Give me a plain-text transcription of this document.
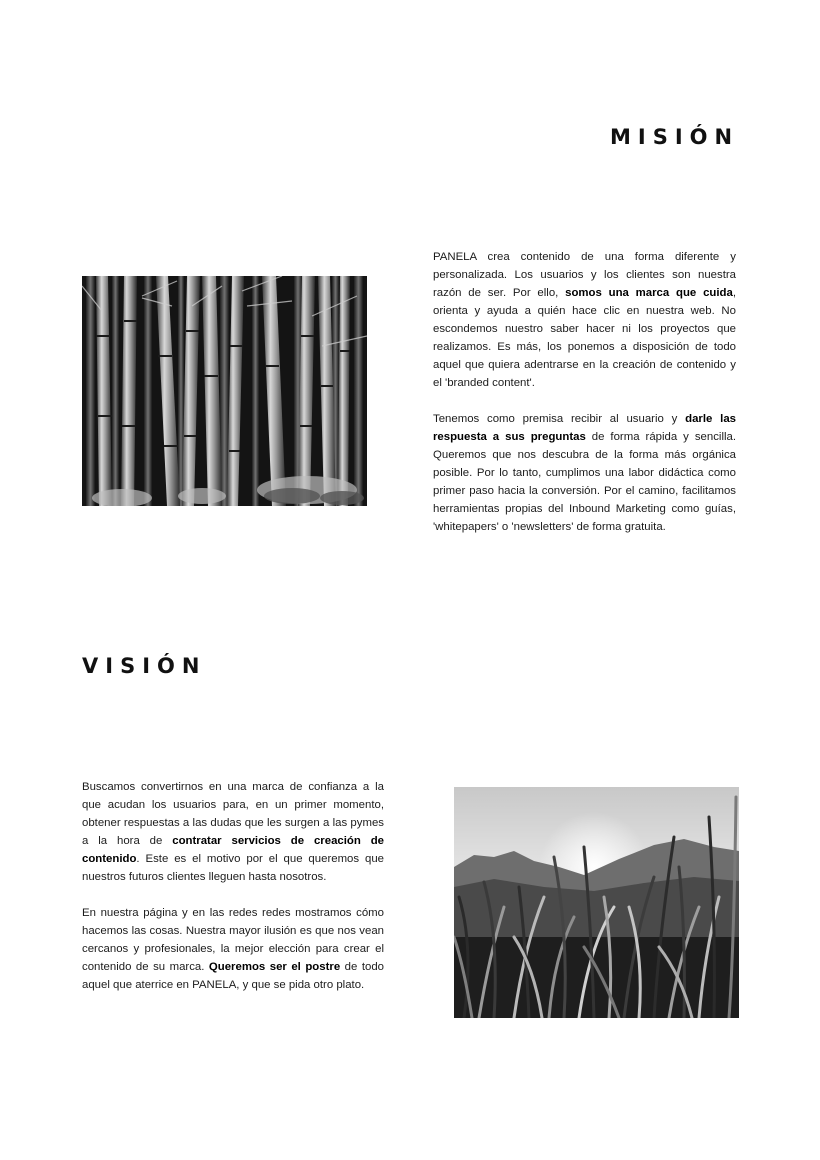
MISIÓN

PANELA crea contenido de una forma diferente y personalizada. Los usuarios y los clientes son nuestra razón de ser. Por ello, somos una marca que cuida, orienta y ayuda a quién hace clic en nuestra web. No escondemos nuestro saber hacer ni los proyectos que realizamos. Es más, los ponemos a disposición de todo aquel que quiera adentrarse en la creación de contenido y el 'branded content'.

Tenemos como premisa recibir al usuario y darle las respuesta a sus preguntas de forma rápida y sencilla. Queremos que nos descubra de la forma más orgánica posible. Por lo tanto, cumplimos una labor didáctica como primer paso hacia la conversión. Por el camino, facilitamos herramientas propias del Inbound Marketing como guías, 'whitepapers' o 'newsletters' de forma gratuita.

VISIÓN

Buscamos convertirnos en una marca de confianza a la que acudan los usuarios para, en un primer momento, obtener respuestas a las dudas que les surgen a las pymes a la hora de contratar servicios de creación de contenido. Este es el motivo por el que queremos que nuestros futuros clientes lleguen hasta nosotros.

En nuestra página y en las redes redes mostramos cómo hacemos las cosas. Nuestra mayor ilusión es que nos vean cercanos y profesionales, la mejor elección para crear el contenido de su marca. Queremos ser el postre de todo aquel que aterrice en PANELA, y que se pida otro plato.
